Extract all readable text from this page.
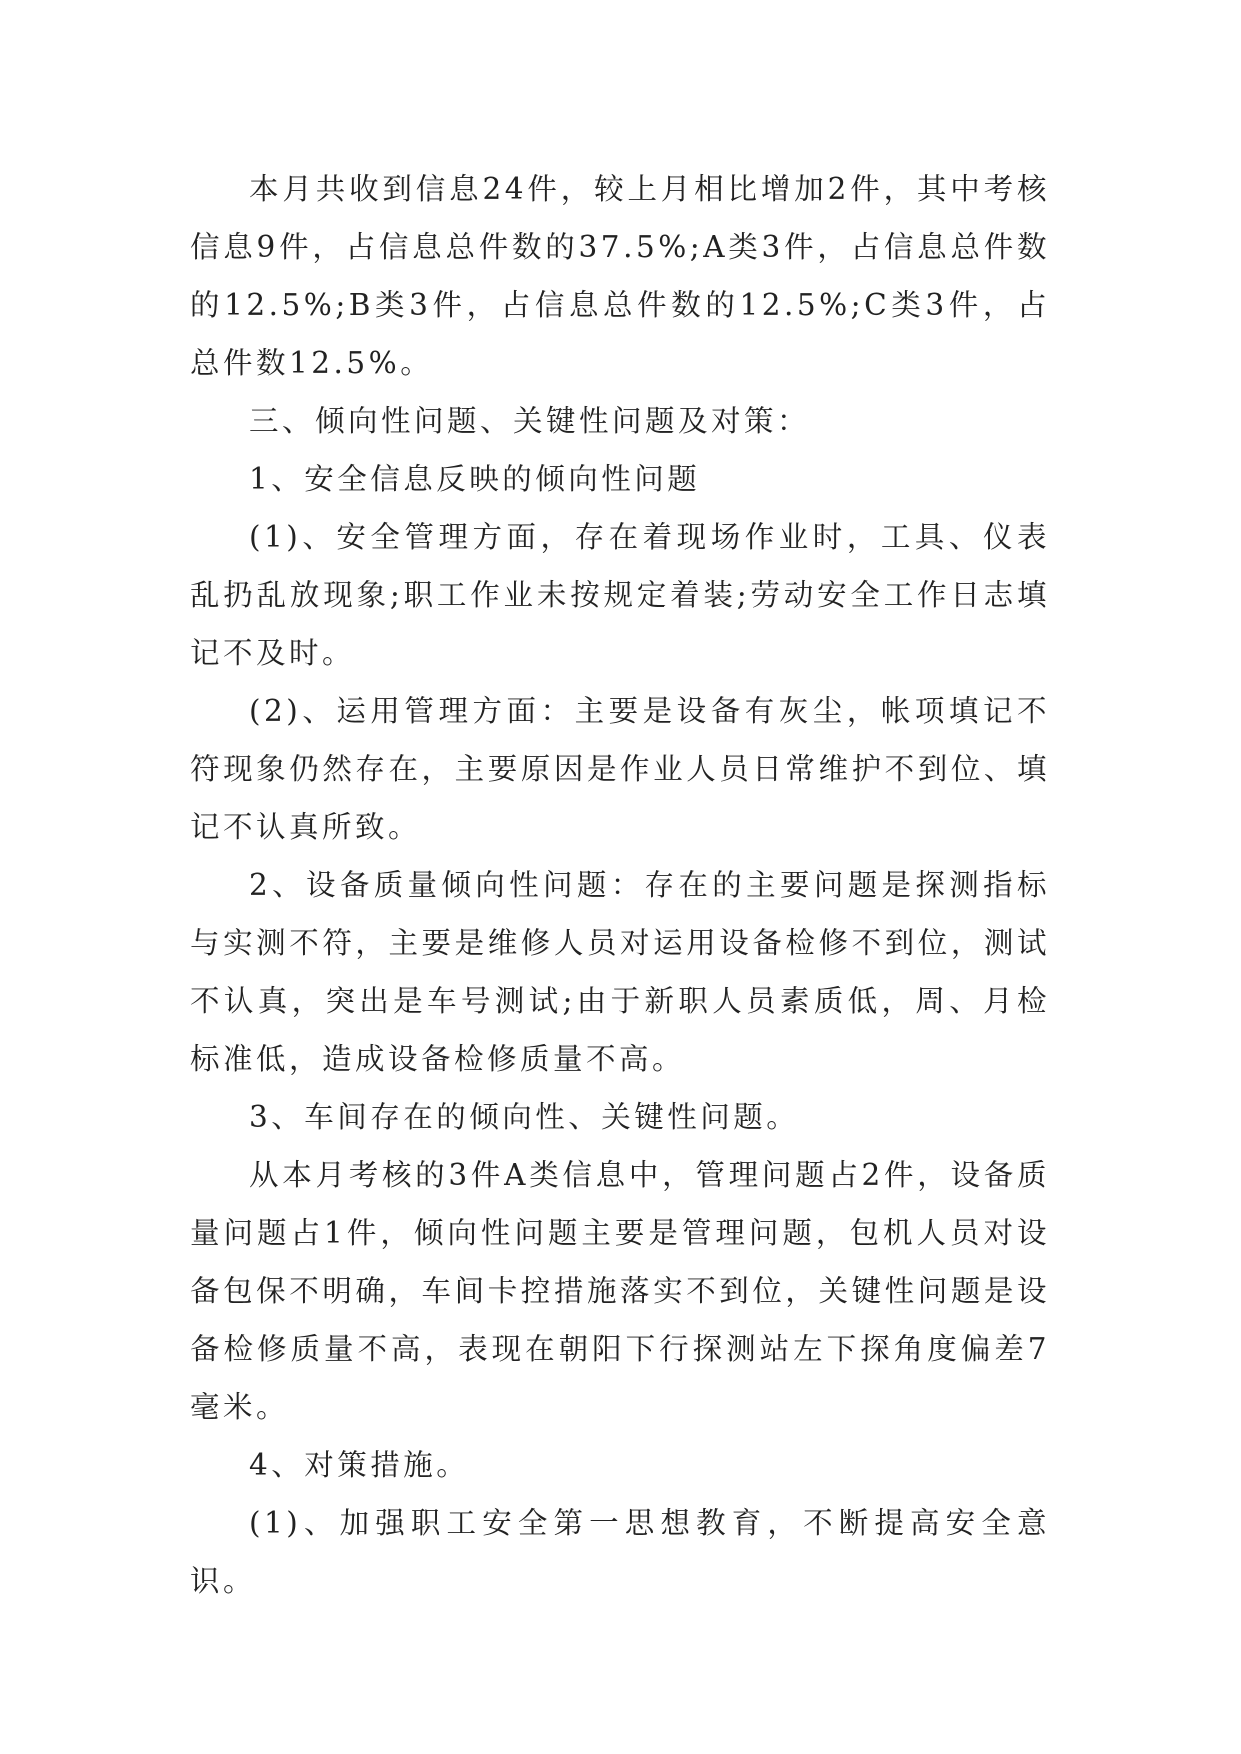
本月共收到信息24件，较上月相比增加2件，其中考核信息9件，占信息总件数的37.5%;A类3件，占信息总件数的12.5%;B类3件，占信息总件数的12.5%;C类3件，占总件数12.5%。

三、倾向性问题、关键性问题及对策：

1、安全信息反映的倾向性问题

(1)、安全管理方面，存在着现场作业时，工具、仪表乱扔乱放现象;职工作业未按规定着装;劳动安全工作日志填记不及时。

(2)、运用管理方面：主要是设备有灰尘，帐项填记不符现象仍然存在，主要原因是作业人员日常维护不到位、填记不认真所致。

2、设备质量倾向性问题：存在的主要问题是探测指标与实测不符，主要是维修人员对运用设备检修不到位，测试不认真，突出是车号测试;由于新职人员素质低，周、月检标准低，造成设备检修质量不高。

3、车间存在的倾向性、关键性问题。

从本月考核的3件A类信息中，管理问题占2件，设备质量问题占1件，倾向性问题主要是管理问题，包机人员对设备包保不明确，车间卡控措施落实不到位，关键性问题是设备检修质量不高，表现在朝阳下行探测站左下探角度偏差7毫米。

4、对策措施。

(1)、加强职工安全第一思想教育，不断提高安全意识。
